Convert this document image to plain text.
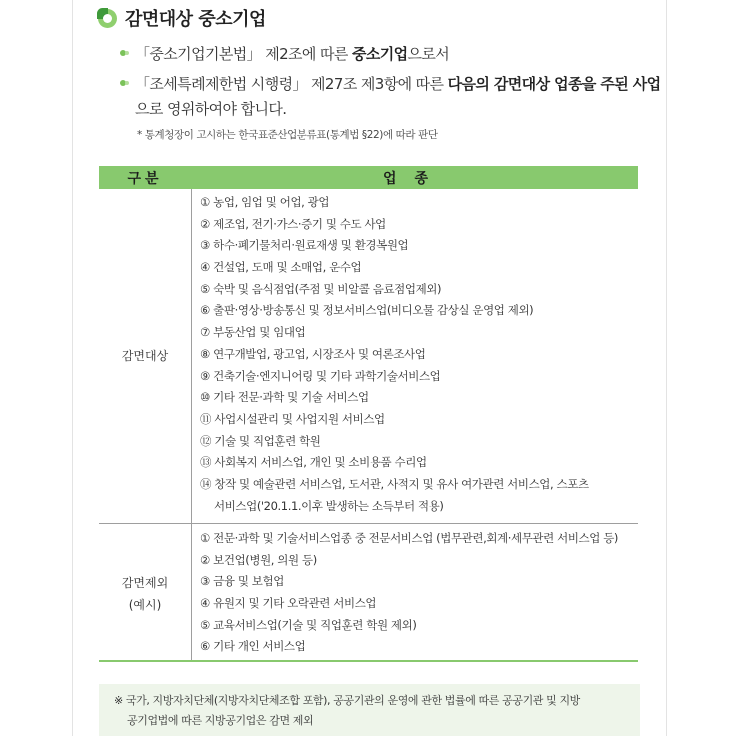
감면대상 중소기업
「중소기업기본법」 제2조에 따른 중소기업으로서
「조세특례제한법 시행령」 제27조 제3항에 따른 다음의 감면대상 업종을 주된 사업
으로 영위하여야 합니다.
* 통계청장이 고시하는 한국표준산업분류표(통계법 §22)에 따라 판단
구분	업종
감면대상
감면제외
(예시)
① 농업, 임업 및 어업, 광업
② 제조업, 전기·가스·증기 및 수도 사업
③ 하수·폐기물처리·원료재생 및 환경복원업
④ 건설업, 도매 및 소매업, 운수업
⑤ 숙박 및 음식점업(주점 및 비알콜 음료점업제외)
⑥ 출판·영상·방송통신 및 정보서비스업(비디오물 감상실 운영업 제외)
⑦ 부동산업 및 임대업
⑧ 연구개발업, 광고업, 시장조사 및 여론조사업
⑨ 건축기술·엔지니어링 및 기타 과학기술서비스업
⑩ 기타 전문·과학 및 기술 서비스업
⑪ 사업시설관리 및 사업지원 서비스업
⑫ 기술 및 직업훈련 학원
⑬ 사회복지 서비스업, 개인 및 소비용품 수리업
⑭ 창작 및 예술관련 서비스업, 도서관, 사적지 및 유사 여가관련 서비스업, 스포츠
서비스업('20.1.1.이후 발생하는 소득부터 적용)
① 전문·과학 및 기술서비스업종 중 전문서비스업 (법무관련,회계·세무관련 서비스업 등)
② 보건업(병원, 의원 등)
③ 금융 및 보험업
④ 유원지 및 기타 오락관련 서비스업
⑤ 교육서비스업(기술 및 직업훈련 학원 제외)
⑥ 기타 개인 서비스업
※ 국가, 지방자치단체(지방자치단체조합 포함), 공공기관의 운영에 관한 법률에 따른 공공기관 및 지방
공기업법에 따른 지방공기업은 감면 제외
